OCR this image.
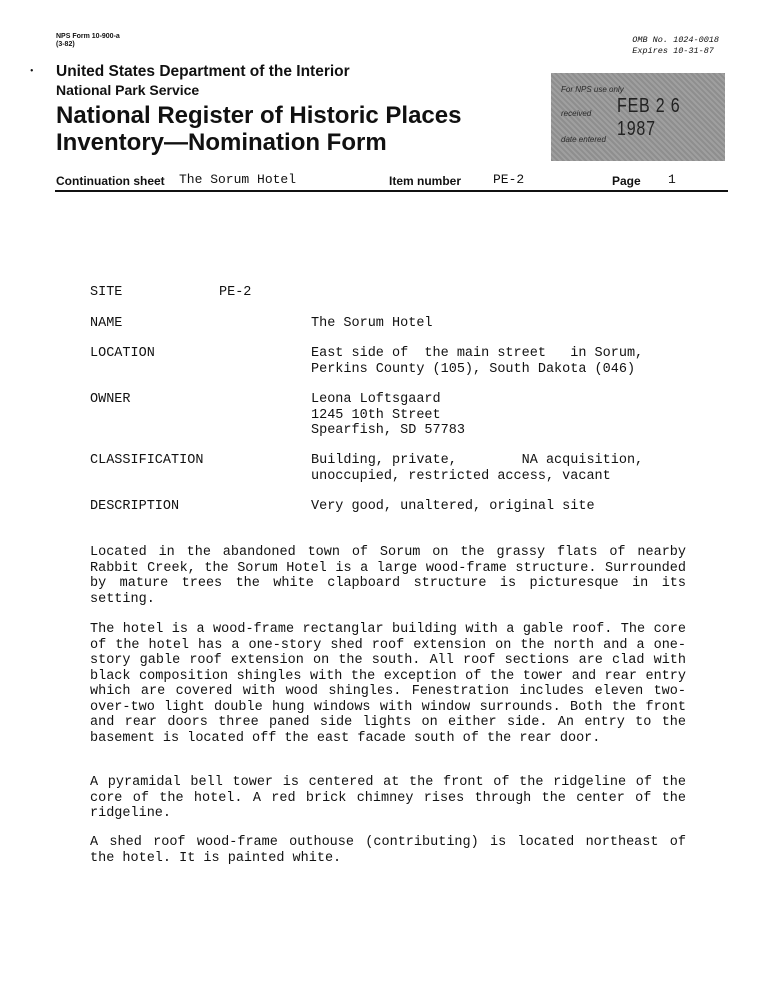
NPS Form 10-900-a
(3-82)	OMB No. 1024-0018
Expires 10-31-87
• United States Department of the Interior
National Park Service
National Register of Historic Places
Inventory—Nomination Form
For NPS use only
received FEB 2 6 1987
date entered
Continuation sheet The Sorum Hotel	Item number PE-2	Page 1
SITE	PE-2
NAME	The Sorum Hotel
LOCATION	East side of  the main street   in Sorum,
Perkins County (105), South Dakota (046)
OWNER	Leona Loftsgaard
1245 10th Street
Spearfish, SD 57783
CLASSIFICATION	Building, private,        NA acquisition,
unoccupied, restricted access, vacant
DESCRIPTION	Very good, unaltered, original site
Located in the abandoned town of Sorum on the grassy flats of nearby Rabbit Creek, the Sorum Hotel is a large wood-frame structure. Surrounded by mature trees the white clapboard structure is picturesque in its setting.
The hotel is a wood-frame rectanglar building with a gable roof. The core of the hotel has a one-story shed roof extension on the north and a one-story gable roof extension on the south. All roof sections are clad with black composition shingles with the exception of the tower and rear entry which are covered with wood shingles. Fenestration includes eleven two-over-two light double hung windows with window surrounds. Both the front and rear doors three paned side lights on either side. An entry to the basement is located off the east facade south of the rear door.
A pyramidal bell tower is centered at the front of the ridgeline of the core of the hotel. A red brick chimney rises through the center of the ridgeline.
A shed roof wood-frame outhouse (contributing) is located northeast of the hotel. It is painted white.
